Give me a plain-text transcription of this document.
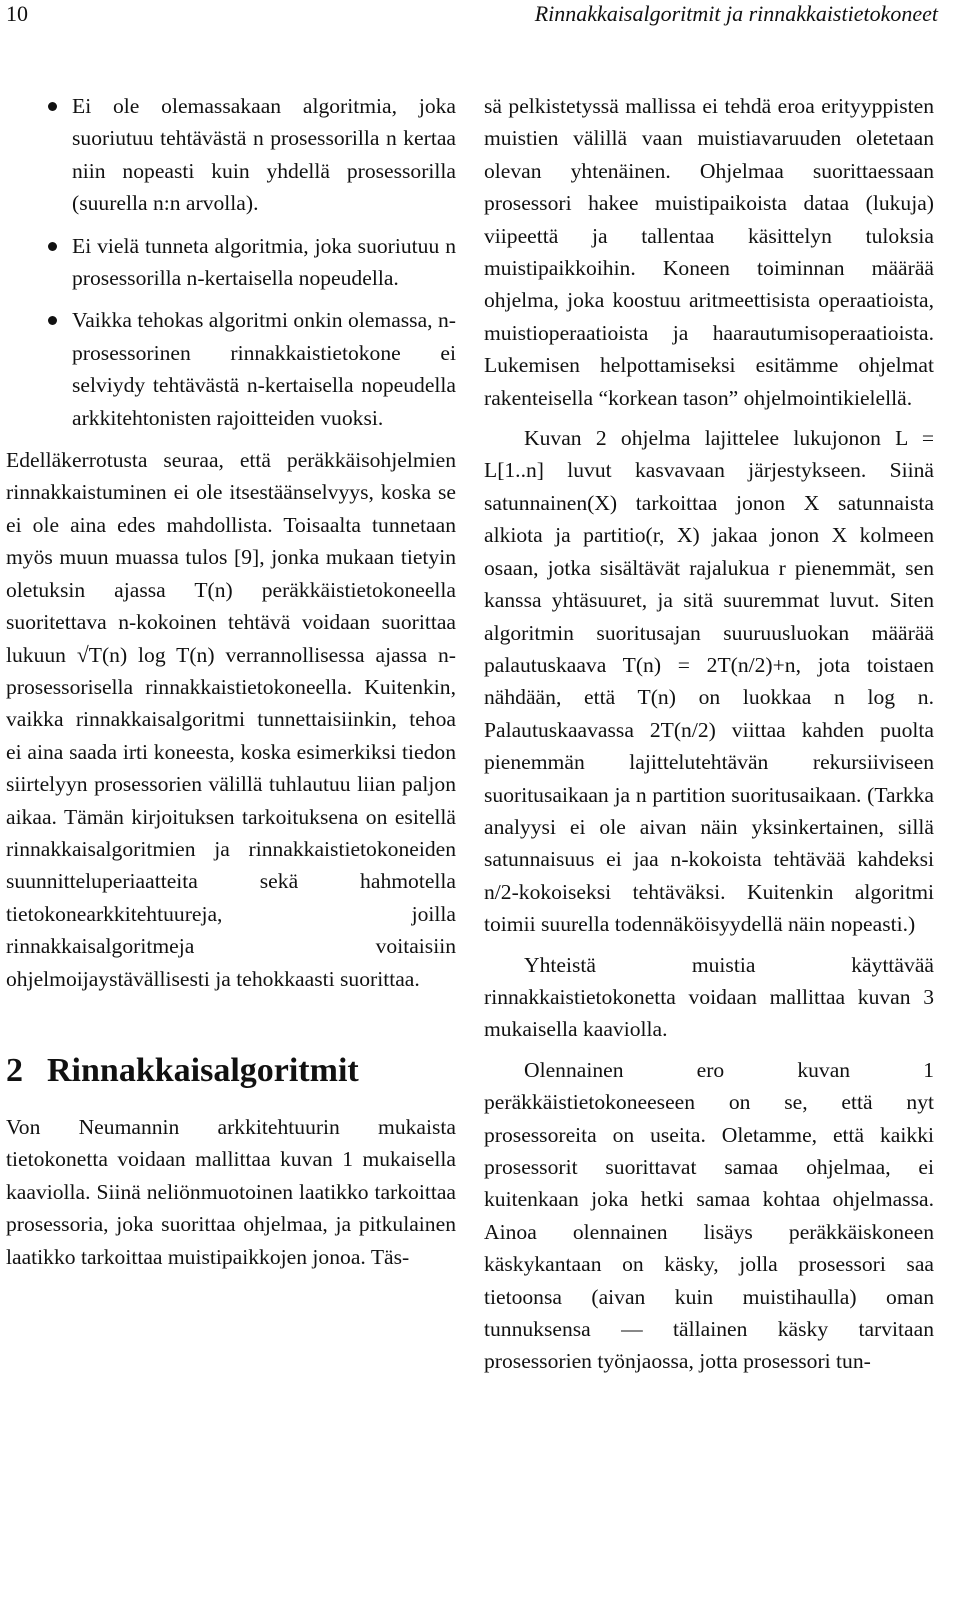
10	Rinnakkaisalgoritmit ja rinnakkaistietokoneet
Ei ole olemassakaan algoritmia, joka suoriutuu tehtävästä n prosessorilla n kertaa niin nopeasti kuin yhdellä prosessorilla (suurella n:n arvolla).
Ei vielä tunneta algoritmia, joka suoriutuu n prosessorilla n-kertaisella nopeudella.
Vaikka tehokas algoritmi onkin olemassa, n-prosessorinen rinnakkaistietokone ei selviydy tehtävästä n-kertaisella nopeudella arkkitehtonisten rajoitteiden vuoksi.

Edelläkerrotusta seuraa, että peräkkäisohjelmien rinnakkaistuminen ei ole itsestäänselvyys, koska se ei ole aina edes mahdollista. Toisaalta tunnetaan myös muun muassa tulos [9], jonka mukaan tietyin oletuksin ajassa T(n) peräkkäistietokoneella suoritettava n-kokoinen tehtävä voidaan suorittaa lukuun √T(n) log T(n) verrannollisessa ajassa n-prosessorisella rinnakkaistietokoneella. Kuitenkin, vaikka rinnakkaisalgoritmi tunnettaisiinkin, tehoa ei aina saada irti koneesta, koska esimerkiksi tiedon siirtelyyn prosessorien välillä tuhlautuu liian paljon aikaa. Tämän kirjoituksen tarkoituksena on esitellä rinnakkaisalgoritmien ja rinnakkaistietokoneiden suunnitteluperiaatteita sekä hahmotella tietokonearkkitehtuureja, joilla rinnakkaisalgoritmeja voitaisiin ohjelmoijaystävällisesti ja tehokkaasti suorittaa.

2 Rinnakkaisalgoritmit

Von Neumannin arkkitehtuurin mukaista tietokonetta voidaan mallittaa kuvan 1 mukaisella kaaviolla. Siinä neliönmuotoinen laatikko tarkoittaa prosessoria, joka suorittaa ohjelmaa, ja pitkulainen laatikko tarkoittaa muistipaikkojen jonoa. Täs-

sä pelkistetyssä mallissa ei tehdä eroa erityyppisten muistien välillä vaan muistiavaruuden oletetaan olevan yhtenäinen. Ohjelmaa suorittaessaan prosessori hakee muistipaikoista dataa (lukuja) viipeettä ja tallentaa käsittelyn tuloksia muistipaikkoihin. Koneen toiminnan määrää ohjelma, joka koostuu aritmeettisista operaatioista, muistioperaatioista ja haarautumisoperaatioista. Lukemisen helpottamiseksi esitämme ohjelmat rakenteisella “korkean tason” ohjelmointikielellä.

Kuvan 2 ohjelma lajittelee lukujonon L = L[1..n] luvut kasvavaan järjestykseen. Siinä satunnainen(X) tarkoittaa jonon X satunnaista alkiota ja partitio(r, X) jakaa jonon X kolmeen osaan, jotka sisältävät rajalukua r pienemmät, sen kanssa yhtäsuuret, ja sitä suuremmat luvut. Siten algoritmin suoritusajan suuruusluokan määrää palautuskaava T(n) = 2T(n/2)+n, jota toistaen nähdään, että T(n) on luokkaa n log n. Palautuskaavassa 2T(n/2) viittaa kahden puolta pienemmän lajittelutehtävän rekursiiviseen suoritusaikaan ja n partition suoritusaikaan. (Tarkka analyysi ei ole aivan näin yksinkertainen, sillä satunnaisuus ei jaa n-kokoista tehtävää kahdeksi n/2-kokoiseksi tehtäväksi. Kuitenkin algoritmi toimii suurella todennäköisyydellä näin nopeasti.)

Yhteistä muistia käyttävää rinnakkaistietokonetta voidaan mallittaa kuvan 3 mukaisella kaaviolla.

Olennainen ero kuvan 1 peräkkäistietokoneeseen on se, että nyt prosessoreita on useita. Oletamme, että kaikki prosessorit suorittavat samaa ohjelmaa, ei kuitenkaan joka hetki samaa kohtaa ohjelmassa. Ainoa olennainen lisäys peräkkäiskoneen käskykantaan on käsky, jolla prosessori saa tietoonsa (aivan kuin muistihaulla) oman tunnuksensa — tällainen käsky tarvitaan prosessorien työnjaossa, jotta prosessori tun-
